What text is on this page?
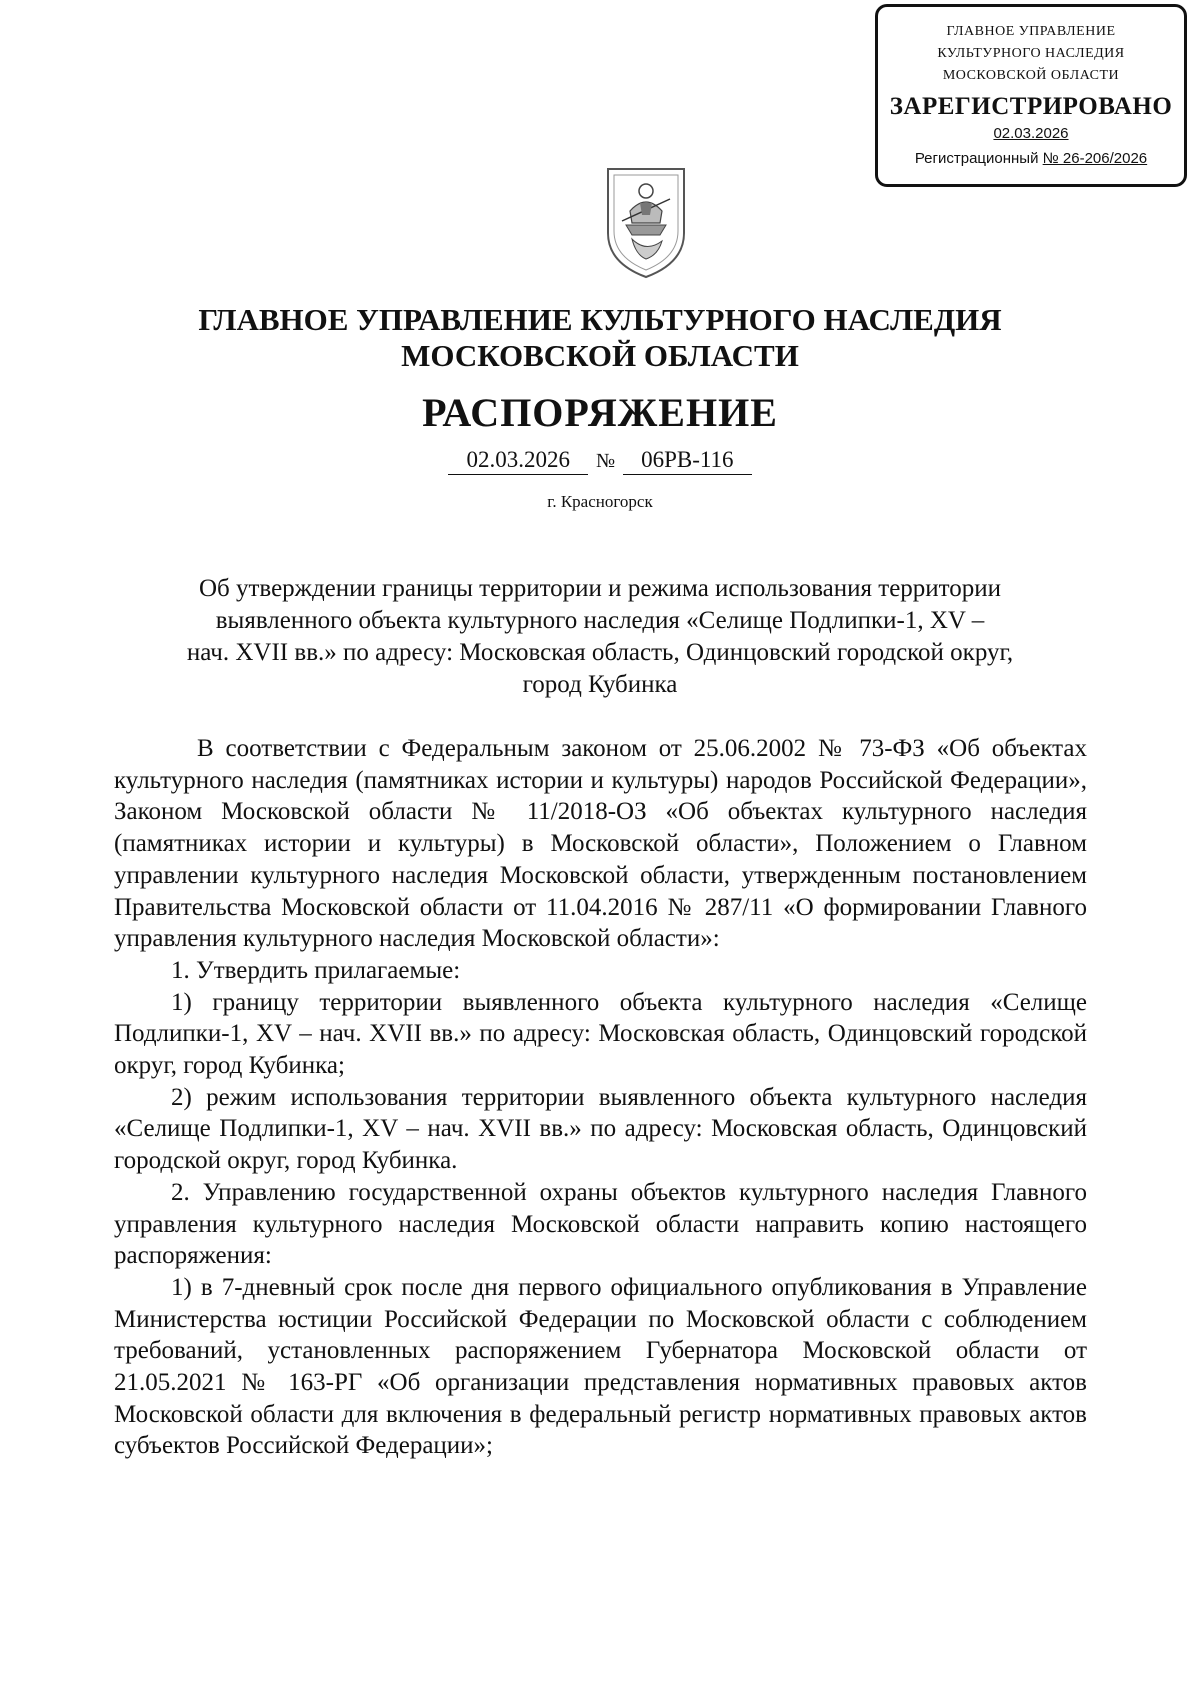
ГЛАВНОЕ УПРАВЛЕНИЕ
КУЛЬТУРНОГО НАСЛЕДИЯ
МОСКОВСКОЙ ОБЛАСТИ
ЗАРЕГИСТРИРОВАНО
02.03.2026
Регистрационный № 26-206/2026
ГЛАВНОЕ УПРАВЛЕНИЕ КУЛЬТУРНОГО НАСЛЕДИЯ
МОСКОВСКОЙ ОБЛАСТИ
РАСПОРЯЖЕНИЕ
02.03.2026 № 06РВ-116
г. Красногорск
Об утверждении границы территории и режима использования территории
выявленного объекта культурного наследия «Селище Подлипки-1, XV –
нач. XVII вв.» по адресу: Московская область, Одинцовский городской округ,
город Кубинка

В соответствии с Федеральным законом от 25.06.2002 № 73-ФЗ «Об объектах культурного наследия (памятниках истории и культуры) народов Российской Федерации», Законом Московской области № 11/2018-ОЗ «Об объектах культурного наследия (памятниках истории и культуры) в Московской области», Положением о Главном управлении культурного наследия Московской области, утвержденным постановлением Правительства Московской области от 11.04.2016 № 287/11 «О формировании Главного управления культурного наследия Московской области»:

1. Утвердить прилагаемые:

1) границу территории выявленного объекта культурного наследия «Селище Подлипки-1, XV – нач. XVII вв.» по адресу: Московская область, Одинцовский городской округ, город Кубинка;

2) режим использования территории выявленного объекта культурного наследия «Селище Подлипки-1, XV – нач. XVII вв.» по адресу: Московская область, Одинцовский городской округ, город Кубинка.

2. Управлению государственной охраны объектов культурного наследия Главного управления культурного наследия Московской области направить копию настоящего распоряжения:

1) в 7-дневный срок после дня первого официального опубликования в Управление Министерства юстиции Российской Федерации по Московской области с соблюдением требований, установленных распоряжением Губернатора Московской области от 21.05.2021 № 163-РГ «Об организации представления нормативных правовых актов Московской области для включения в федеральный регистр нормативных правовых актов субъектов Российской Федерации»;
